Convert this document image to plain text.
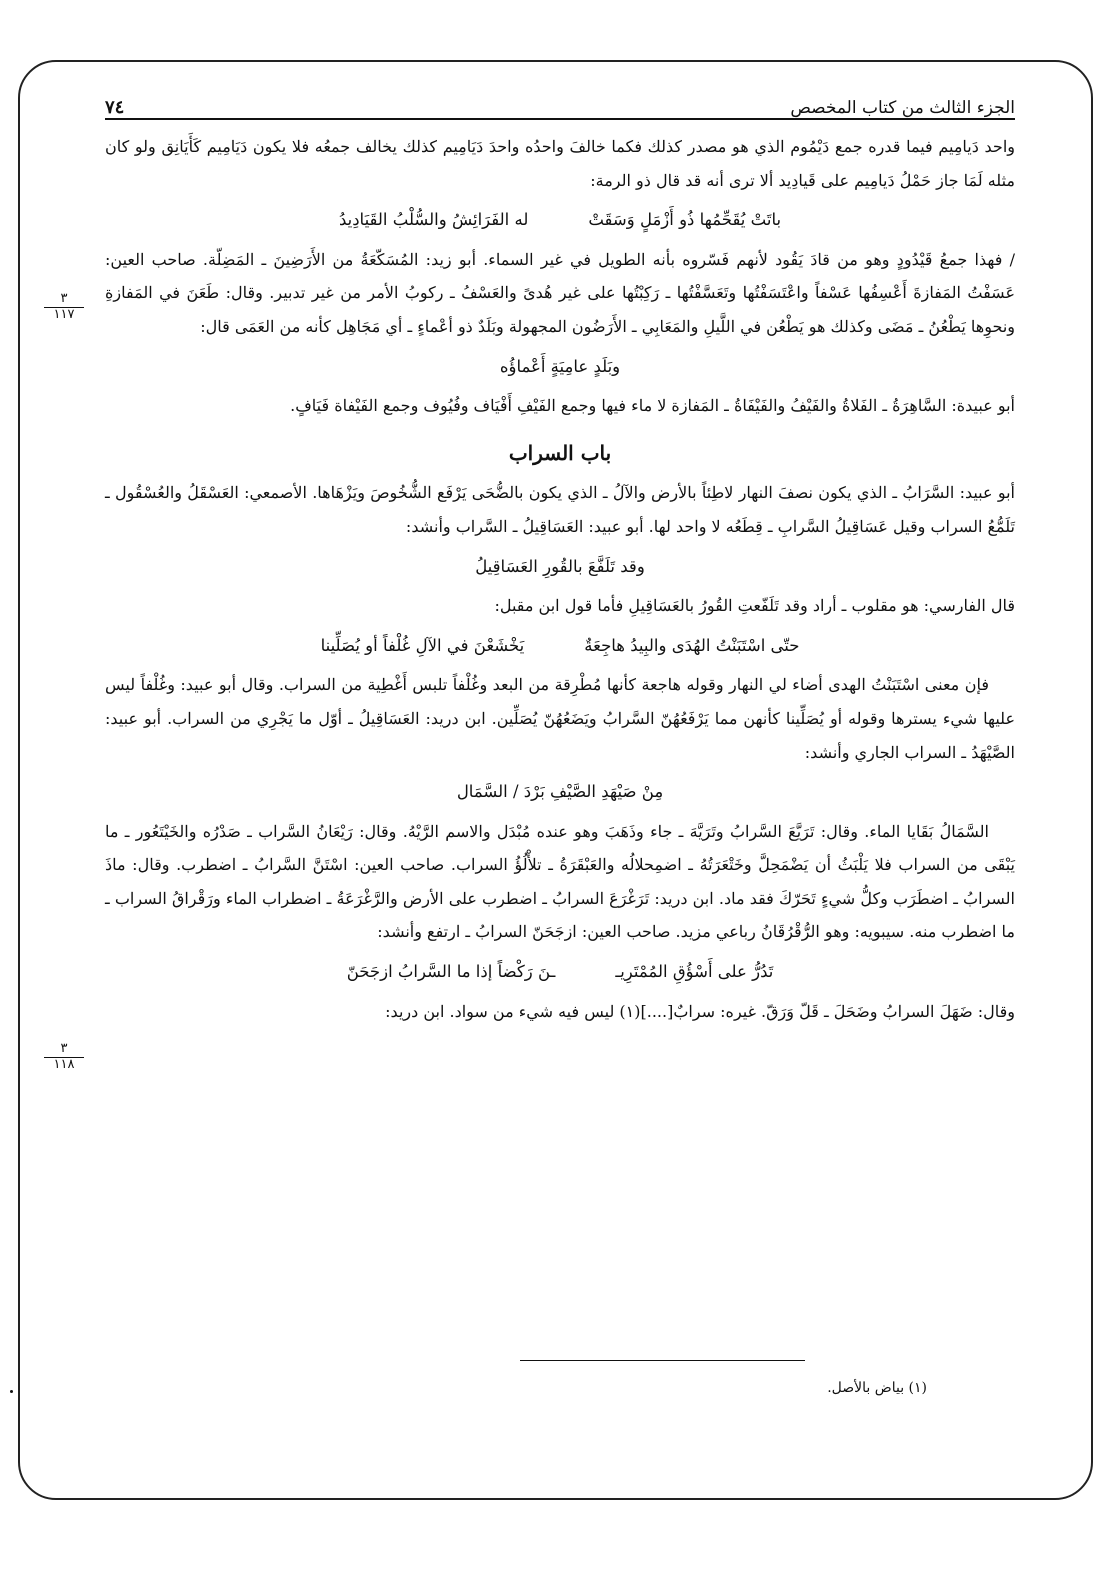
الجزء الثالث من كتاب المخصص
٧٤

واحد دَيامِيم فيما قدره جمع دَيْمُوم الذي هو مصدر كذلك فكما خالفَ واحدُه واحدَ دَيَامِيم كذلك يخالف جمعُه فلا يكون دَيَامِيم كَأَيَانِق ولو كان مثله لَمَا جاز حَمْلُ دَيامِيم على قَيادِيد ألا ترى أنه قد قال ذو الرمة:

باتَتْ يُقَحِّمُها ذُو أَزْمَلٍ وَسَقَتْ
له الفَرَائِشُ والسُّلْبُ القَيَادِيدُ

/ فهذا جمعُ قَيْدُودٍ وهو من قادَ يَقُود لأنهم فَسّروه بأنه الطويل في غير السماء. أبو زيد: المُسَكّعَةُ من الأَرَضِينَ ـ المَضِلّة. صاحب العين: عَسَفْتُ المَفازةَ أَعْسِفُها عَسْفاً واعْتَسَفْتُها وتَعَسَّفْتُها ـ رَكِبْتُها على غير هُدىً والعَسْفُ ـ ركوبُ الأمر من غير تدبير. وقال: طَعَنَ في المَفازةِ ونحوِها يَطْعُنُ ـ مَضَى وكذلك هو يَطْعُن في اللَّيلِ والمَعَابِي ـ الأَرَضُون المجهولة وبَلَدٌ ذو أعْماءٍ ـ أي مَجَاهِل كأنه من العَمَى قال:

وبَلَدٍ عامِيَةٍ أَعْماؤُه

أبو عبيدة: السَّاهِرَةُ ـ الفَلاةُ والفَيْفُ والفَيْفَاةُ ـ المَفازة لا ماء فيها وجمع الفَيْفِ أَفْيَاف وفُيُوف وجمع الفَيْفاة فَيَافٍ.

باب السراب

أبو عبيد: السَّرَابُ ـ الذي يكون نصفَ النهار لاطِئاً بالأرض والآلُ ـ الذي يكون بالضُّحَى يَرْفَع الشُّخُوصَ ويَزْهَاها. الأصمعي: العَسْقَلُ والعُسْقُول ـ تَلَمُّعُ السراب وقيل عَسَاقِيلُ السَّرابِ ـ قِطَعُه لا واحد لها. أبو عبيد: العَسَاقِيلُ ـ السَّراب وأنشد:

وقد تَلَفَّعَ بالقُورِ العَسَاقِيلُ

قال الفارسي: هو مقلوب ـ أراد وقد تَلَفّعتِ القُورُ بالعَسَاقِيلِ فأما قول ابن مقبل:

حتّى اسْتَبَنْتُ الهُدَى والبِيدُ هاجِعَةٌ
يَخْشَعْنَ في الآلِ غُلْفاً أو يُصَلِّينا

فإن معنى اسْتَبَنْتُ الهدى أضاء لي النهار وقوله هاجعة كأنها مُطْرِقة من البعد وغُلْفاً تلبس أَغْطِية من السراب. وقال أبو عبيد: وغُلْفاً ليس عليها شيء يسترها وقوله أو يُصَلِّينا كأنهن مما يَرْفَعُهُنّ السَّرابُ ويَضَعُهُنّ يُصَلِّين. ابن دريد: العَسَاقِيلُ ـ أوّل ما يَجْرِي من السراب. أبو عبيد: الصَّيْهَدُ ـ السراب الجاري وأنشد:

مِنْ صَيْهَدِ الصَّيْفِ بَرْدَ / السَّمَال

السَّمَالُ بَقَايا الماء. وقال: تَرَيَّعَ السَّرابُ وتَرَيَّهَ ـ جاء وذَهَبَ وهو عنده مُبْدَل والاسم الرَّيْهُ. وقال: رَيْعَانُ السَّراب ـ صَدْرُه والخَيْتَعُور ـ ما يَبْقَى من السراب فلا يَلْبَثُ أن يَضْمَحِلَّ وخَتْعَرَتُهُ ـ اضمِحلالُه والعَبْقَرَةُ ـ تلأْلُؤُ السراب. صاحب العين: اسْتَنَّ السَّرابُ ـ اضطرب. وقال: ماذَ السرابُ ـ اضطَرَب وكلُّ شيءٍ تَحَرّكَ فقد ماد. ابن دريد: تَرَغْرَعَ السرابُ ـ اضطرب على الأرض والرَّغْرَعَةُ ـ اضطراب الماء ورَقْراقُ السراب ـ ما اضطرب منه. سيبويه: وهو الرُّقْرُقَانُ رباعي مزيد. صاحب العين: ازجَحَنّ السرابُ ـ ارتفع وأنشد:

تَدُرُّ على أَسْؤُقِ المُمْتَرِيـ
ـنَ رَكْضاً إذا ما السَّرابُ ازجَحَنّ

وقال: ضَهَلَ السرابُ وضَحَلَ ـ قَلّ وَرَقّ. غيره: سرابٌ[....](١) ليس فيه شيء من سواد. ابن دريد:

٣
١١٧
٣
١١٨
(١) بياض بالأصل.
